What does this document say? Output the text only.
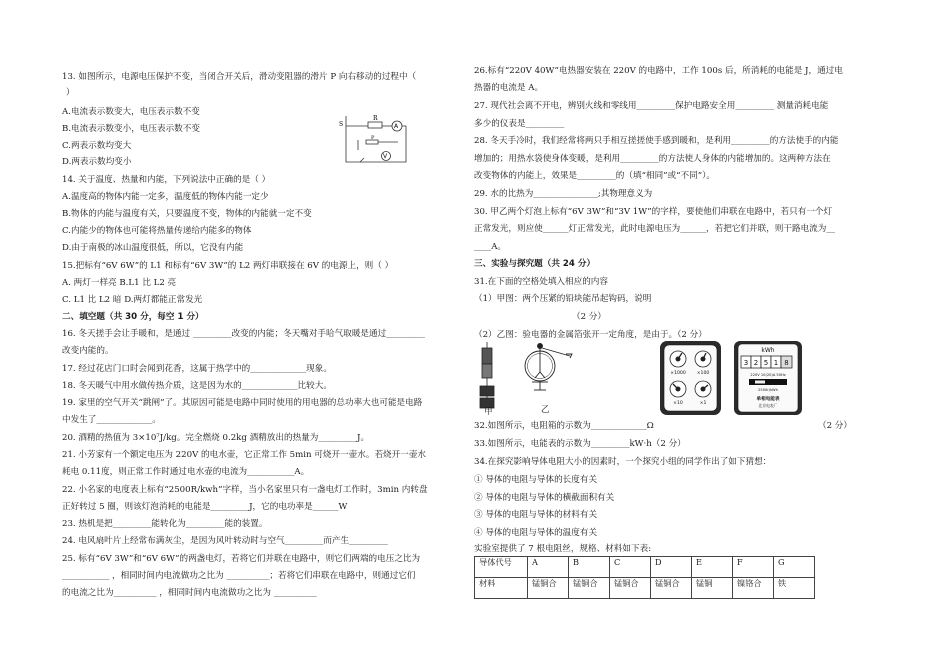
13. 如图所示，电源电压保护不变，当闭合开关后，滑动变阻器的滑片 P 向右移动的过程中（
）
A.电流表示数变大，电压表示数不变
B.电流表示数变小，电压表示数不变
C.两表示数均变大
D.两表示数均变小
14. 关于温度、热量和内能，下列说法中正确的是（ ）
A.温度高的物体内能一定多，温度低的物体内能一定少
B.物体的内能与温度有关，只要温度不变，物体的内能就一定不变
C.内能少的物体也可能将热量传递给内能多的物体
D.由于南极的冰山温度很低，所以，它没有内能
15.把标有“6V 6W”的 L1 和标有“6V 3W”的 L2 两灯串联接在 6V 的电源上，则（ ）
A. 两灯一样亮 B.L1 比 L2 亮
C. L1 比 L2 暗 D.两灯都能正常发光
二、填空题（共 30 分，每空 1 分）
16. 冬天搓手会让手暖和，是通过 _________改变的内能；冬天嘴对手哈气取暖是通过_________
改变内能的。
17. 经过花店门口时会闻到花香，这属于热学中的_____________现象。
18. 冬天暖气中用水做传热介质，这是因为水的_____________比较大。
19. 家里的空气开关“跳闸”了。其原因可能是电路中同时使用的用电器的总功率大也可能是电路
中发生了_____________。
20. 酒精的热值为 3×10⁷J/kg。完全燃烧 0.2kg 酒精放出的热量为_________J。
21. 小芳家有一个额定电压为 220V 的电水壶，它正常工作 5min 可烧开一壶水。若烧开一壶水
耗电 0.11度，则正常工作时通过电水壶的电流为___________A。
22. 小名家的电度表上标有“2500R/kwh”字样，当小名家里只有一盏电灯工作时，3min 内转盘
正好转过 5 圈，则该灯泡消耗的电能是_________J，它的电功率是______W
23. 热机是把_________能转化为_________能的装置。
24. 电风扇叶片上经常布满灰尘，是因为风叶转动时与空气_________而产生_________
25. 标有“6V 3W”和“6V 6W”的两盏电灯，若将它们并联在电路中，则它们两端的电压之比为
___________ ，相同时间内电流做功之比为 __________；若将它们串联在电路中，则通过它们
的电流之比为__________ ，相同时间内电流做功之比为 __________
S
R
A
V
P
26.标有“220V 40W”电热器安装在 220V 的电路中，工作 100s 后，所消耗的电能是 J，通过电
热器的电流是 A。
27. 现代社会离不开电，辨别火线和零线用_________保护电路安全用_________ 测量消耗电能
多少的仪表是_________
28. 冬天手冷时，我们经常将两只手相互搓搓使手感到暖和，是利用_________的方法使手的内能
增加的；用热水袋使身体变暖，是利用_________的方法使人身体的内能增加的。这两种方法在
改变物体的内能上，效果是_________的（填“相同”或“不同”）。
29. 水的比热为_______________;其物理意义为
30. 甲乙两个灯泡上标有“6V 3W”和“3V 1W”的字样，要使他们串联在电路中，若只有一个灯
正常发光，则应使______灯正常发光，此时电源电压为______，若把它们并联，则干路电流为__
____A。
三、实验与探究题（共 24 分）
31.在下面的空格处填入相应的内容
（1）甲图：两个压紧的铅块能吊起钩码，说明
（2 分）
（2）乙图：验电器的金属箔张开一定角度，是由于。（2 分）
32.如图所示，电阻箱的示数为_____________Ω	（2 分）
33.如图所示，电能表的示数为_________kW·h（2 分）
34.在探究影响导体电阻大小的因素时，一个探究小组的同学作出了如下猜想：
① 导体的电阻与导体的长度有关
② 导体的电阻与导体的横截面积有关
③ 导体的电阻与导体的材料有关
④ 导体的电阻与导体的温度有关
实验室提供了 7 根电阻丝，规格、材料如下表:
甲	乙
×1000 ×100
×10	×1
kWh
3 2 5 1 8
220V 10(20)A 50Hz
2500r/kWh
单相电能表
北京电表厂
导体代号	A	B	C	D	E	F	G
材料	锰铜合	锰铜合	锰铜合	锰铜合	锰铜	镍铬合	铁
